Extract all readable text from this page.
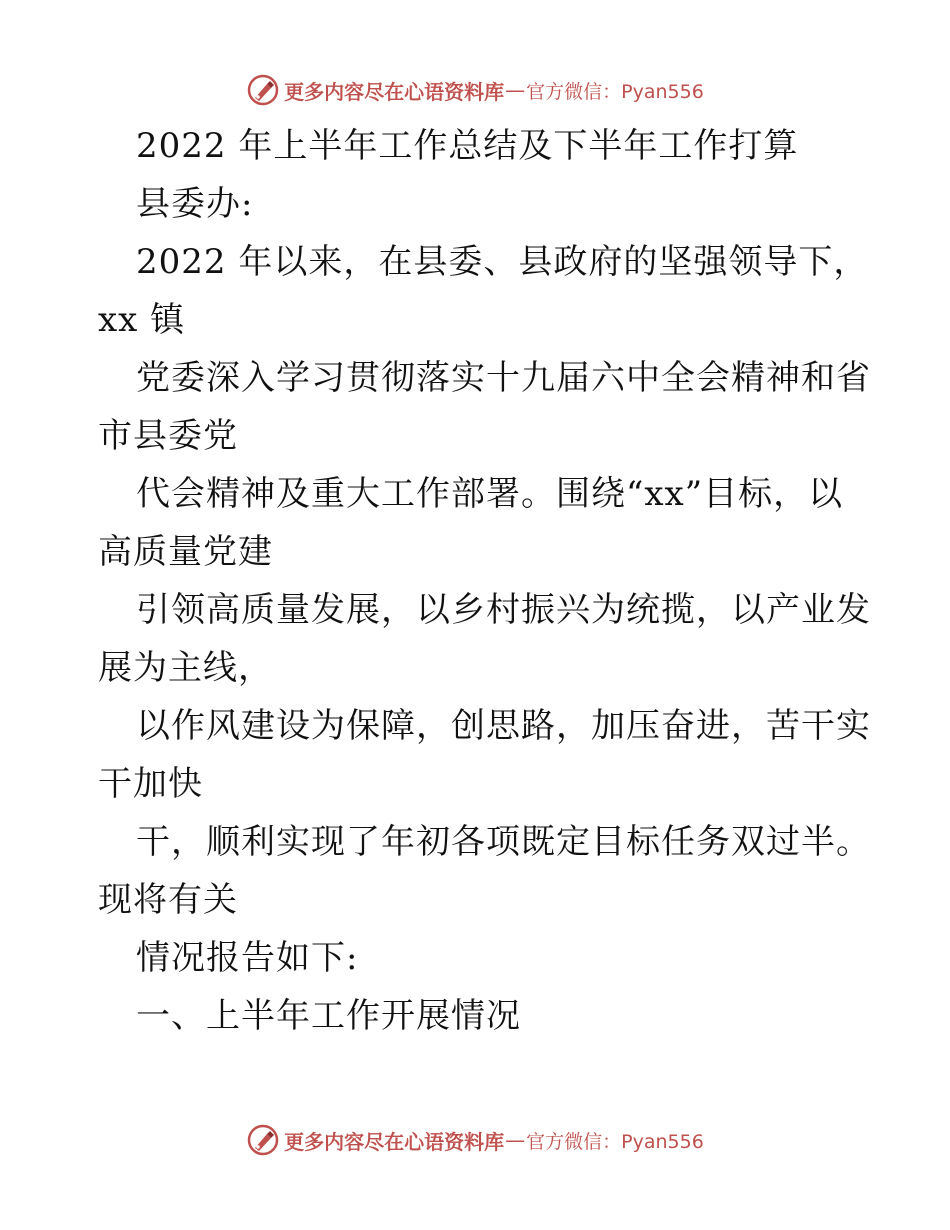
更多内容尽在心语资料库 — 官方微信：Pyan556
2022 年上半年工作总结及下半年工作打算
县委办:
2022 年以来，在县委、县政府的坚强领导下，
xx 镇
党委深入学习贯彻落实十九届六中全会精神和省
市县委党
代会精神及重大工作部署。围绕“xx”目标，以
高质量党建
引领高质量发展，以乡村振兴为统揽，以产业发
展为主线，
以作风建设为保障，创思路，加压奋进，苦干实
干加快
干，顺利实现了年初各项既定目标任务双过半。
现将有关
情况报告如下:
一、上半年工作开展情况
更多内容尽在心语资料库 — 官方微信：Pyan556
